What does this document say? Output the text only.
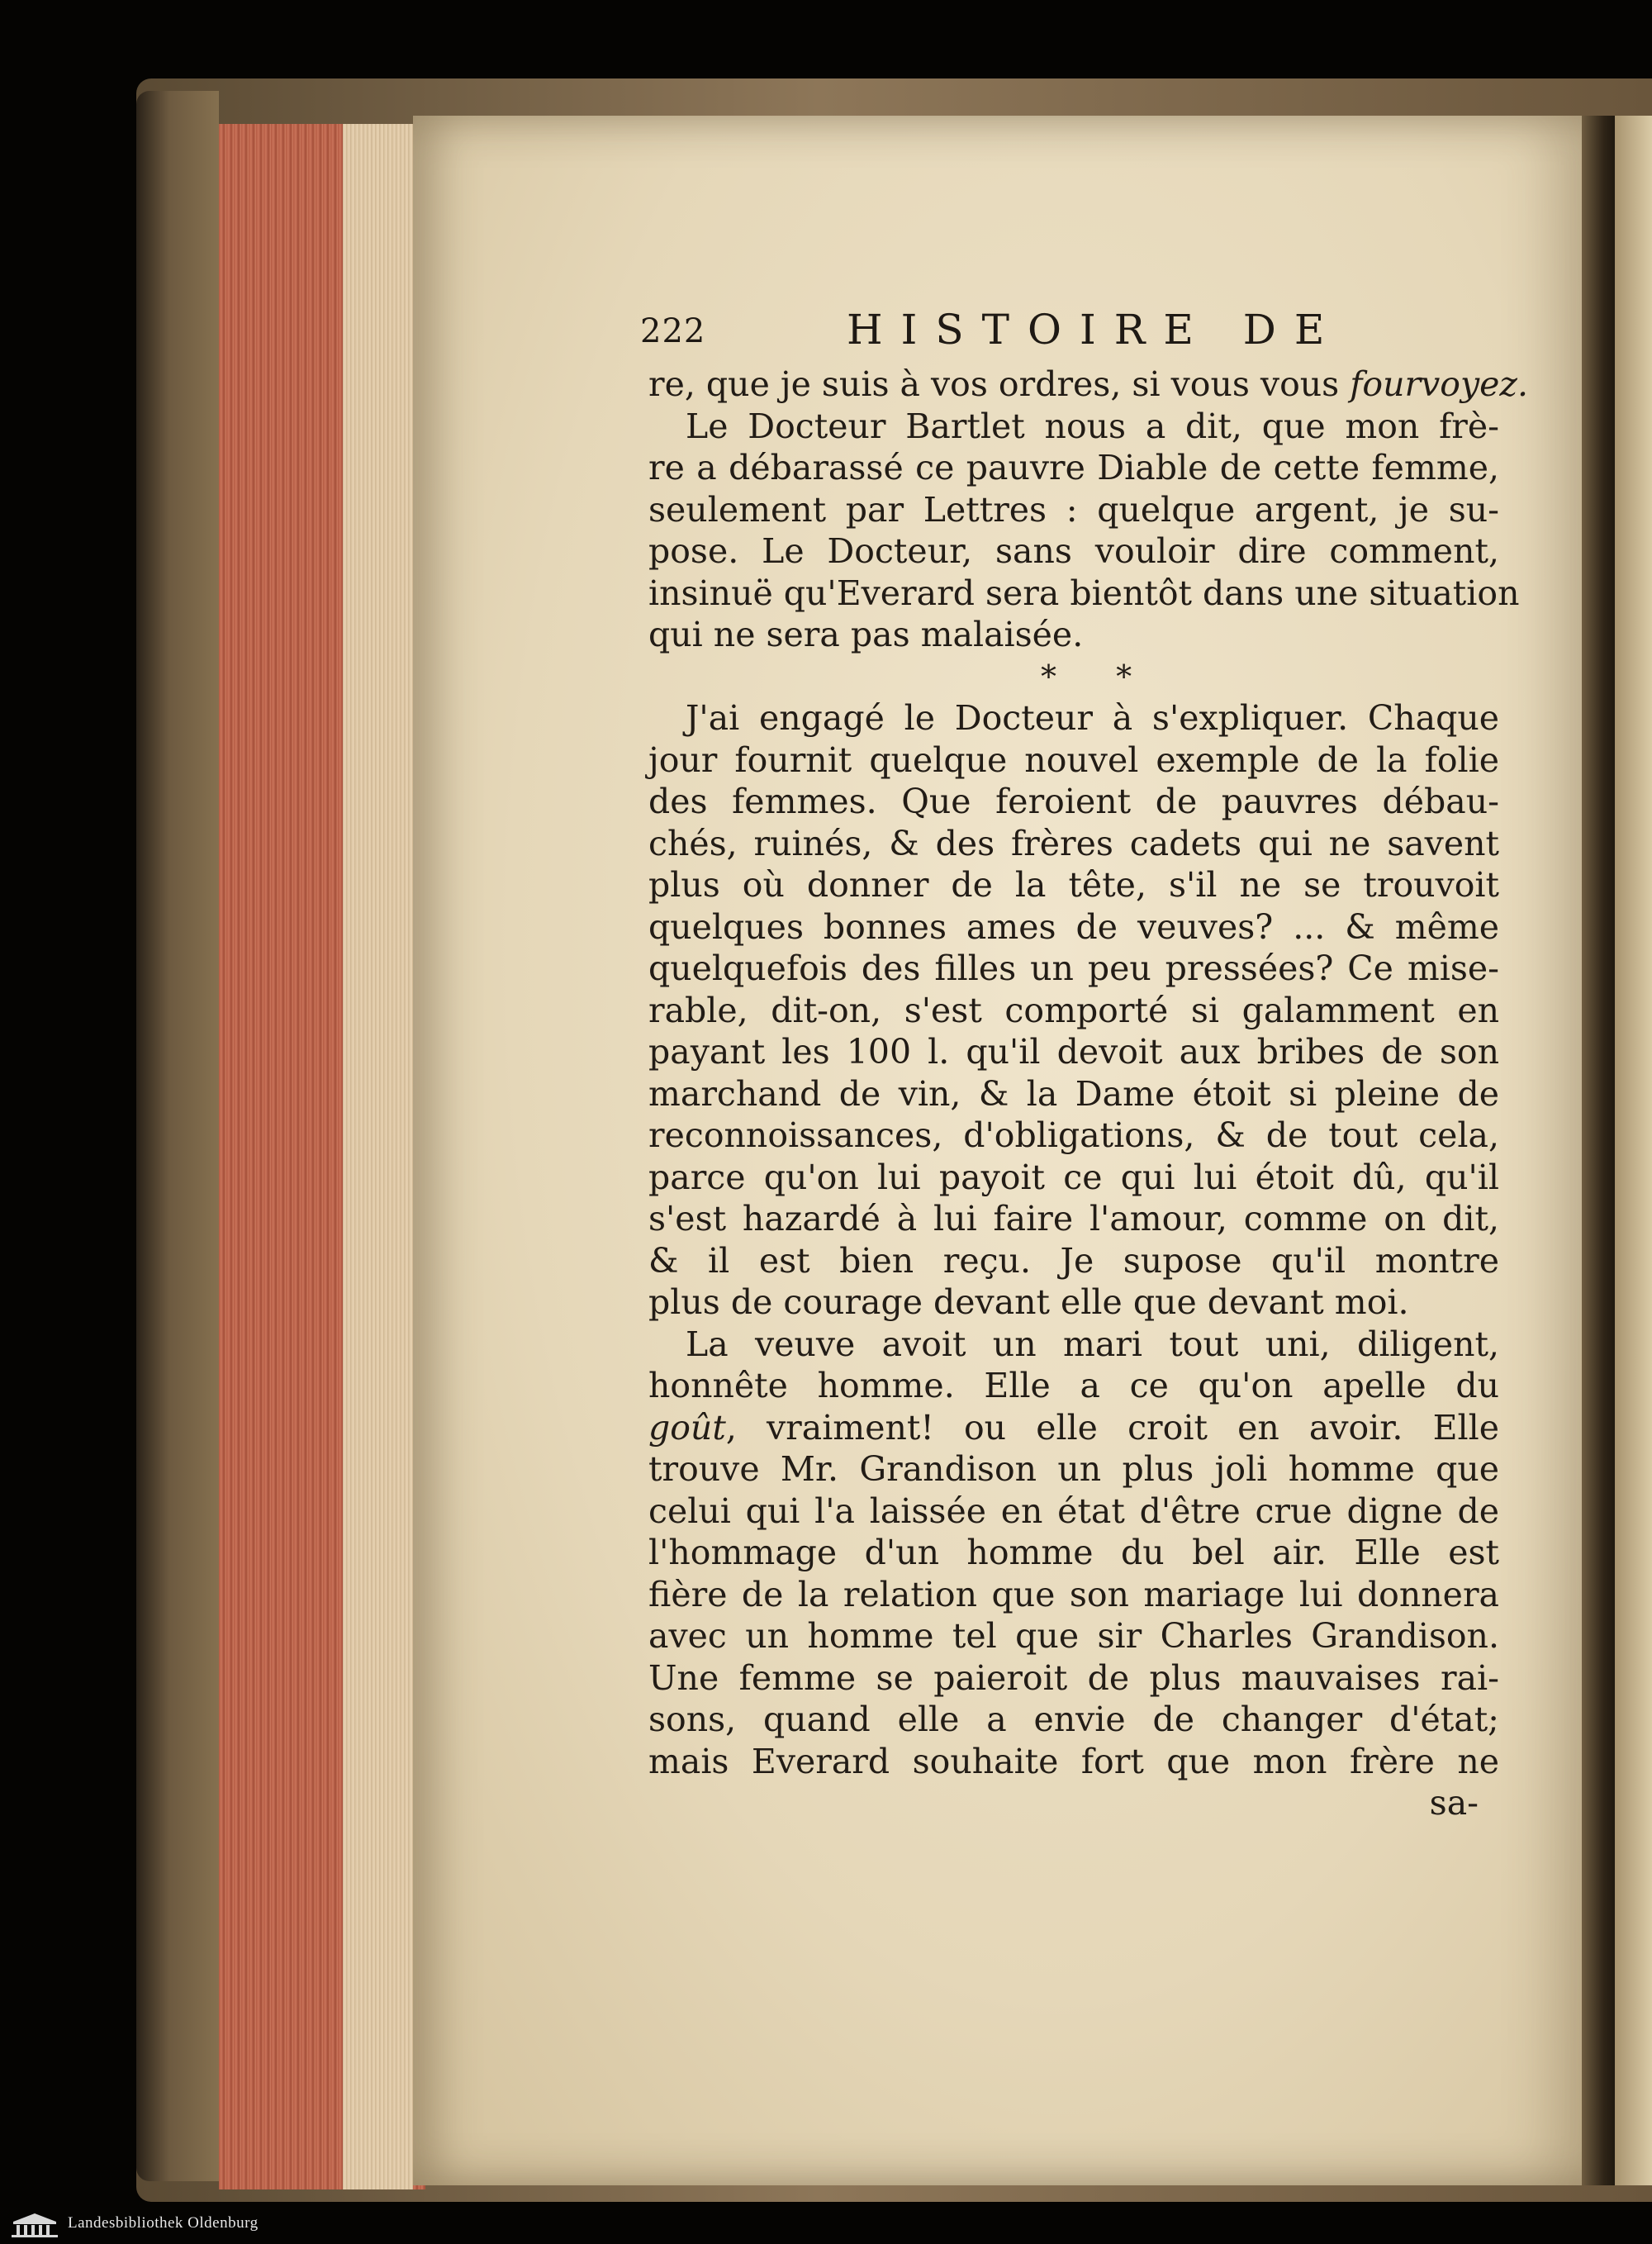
222	HISTOIRE DE
re, que je suis à vos ordres, si vous vous fourvoyez.
Le Docteur Bartlet nous a dit, que mon frè-
re a débarassé ce pauvre Diable de cette femme,
seulement par Lettres : quelque argent, je su-
pose. Le Docteur, sans vouloir dire comment,
insinuë qu'Everard sera bientôt dans une situation
qui ne sera pas malaisée.
* *
J'ai engagé le Docteur à s'expliquer. Chaque
jour fournit quelque nouvel exemple de la folie
des femmes. Que feroient de pauvres débau-
chés, ruinés, & des frères cadets qui ne savent
plus où donner de la tête, s'il ne se trouvoit
quelques bonnes ames de veuves? ... & même
quelquefois des filles un peu pressées? Ce mise-
rable, dit-on, s'est comporté si galamment en
payant les 100 l. qu'il devoit aux bribes de son
marchand de vin, & la Dame étoit si pleine de
reconnoissances, d'obligations, & de tout cela,
parce qu'on lui payoit ce qui lui étoit dû, qu'il
s'est hazardé à lui faire l'amour, comme on dit,
& il est bien reçu. Je supose qu'il montre
plus de courage devant elle que devant moi.
La veuve avoit un mari tout uni, diligent,
honnête homme. Elle a ce qu'on apelle du
goût, vraiment! ou elle croit en avoir. Elle
trouve Mr. Grandison un plus joli homme que
celui qui l'a laissée en état d'être crue digne de
l'hommage d'un homme du bel air. Elle est
fière de la relation que son mariage lui donnera
avec un homme tel que sir Charles Grandison.
Une femme se paieroit de plus mauvaises rai-
sons, quand elle a envie de changer d'état;
mais Everard souhaite fort que mon frère ne
sa-
Landesbibliothek Oldenburg
